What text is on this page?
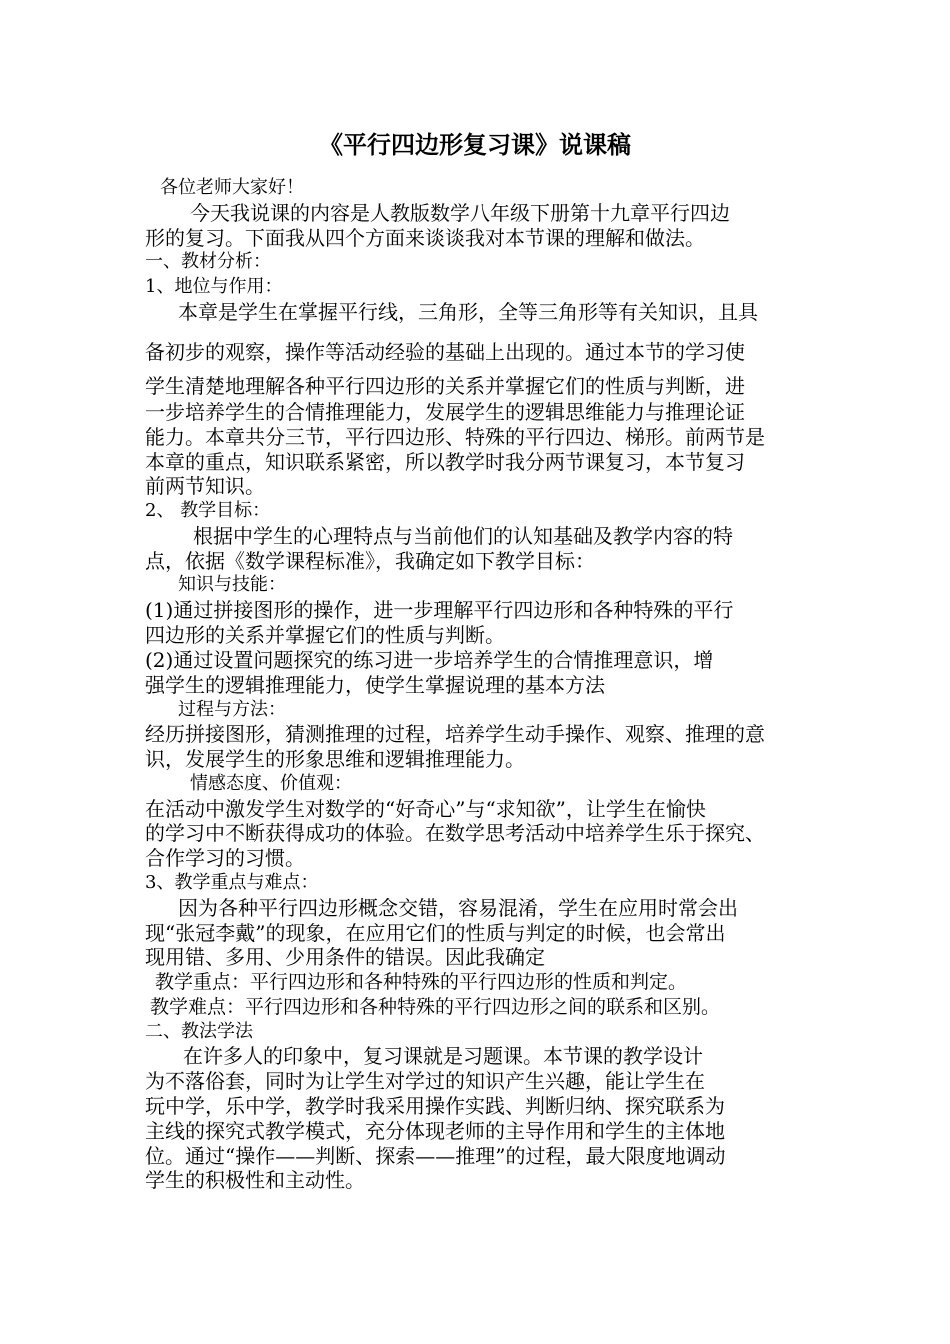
《平行四边形复习课》说课稿
各位老师大家好！
今天我说课的内容是人教版数学八年级下册第十九章平行四边
形的复习。下面我从四个方面来谈谈我对本节课的理解和做法。
一、教材分析：
1、地位与作用：
本章是学生在掌握平行线，三角形，全等三角形等有关知识，且具
备初步的观察，操作等活动经验的基础上出现的。通过本节的学习使
学生清楚地理解各种平行四边形的关系并掌握它们的性质与判断，进
一步培养学生的合情推理能力，发展学生的逻辑思维能力与推理论证
能力。本章共分三节，平行四边形、特殊的平行四边、梯形。前两节是
本章的重点，知识联系紧密，所以教学时我分两节课复习，本节复习
前两节知识。
2、 教学目标：
根据中学生的心理特点与当前他们的认知基础及教学内容的特
点，依据《数学课程标准》，我确定如下教学目标：
知识与技能：
(1)通过拼接图形的操作，进一步理解平行四边形和各种特殊的平行
四边形的关系并掌握它们的性质与判断。
(2)通过设置问题探究的练习进一步培养学生的合情推理意识，增
强学生的逻辑推理能力，使学生掌握说理的基本方法
过程与方法：
经历拼接图形，猜测推理的过程，培养学生动手操作、观察、推理的意
识，发展学生的形象思维和逻辑推理能力。
情感态度、价值观：
在活动中激发学生对数学的“好奇心”与“求知欲”，让学生在愉快
的学习中不断获得成功的体验。在数学思考活动中培养学生乐于探究、
合作学习的习惯。
3、教学重点与难点：
因为各种平行四边形概念交错，容易混淆，学生在应用时常会出
现“张冠李戴”的现象，在应用它们的性质与判定的时候，也会常出
现用错、多用、少用条件的错误。因此我确定
教学重点：平行四边形和各种特殊的平行四边形的性质和判定。
教学难点：平行四边形和各种特殊的平行四边形之间的联系和区别。
二、教法学法
在许多人的印象中，复习课就是习题课。本节课的教学设计
为不落俗套，同时为让学生对学过的知识产生兴趣，能让学生在
玩中学，乐中学，教学时我采用操作实践、判断归纳、探究联系为
主线的探究式教学模式，充分体现老师的主导作用和学生的主体地
位。通过“操作——判断、探索——推理”的过程，最大限度地调动
学生的积极性和主动性。
